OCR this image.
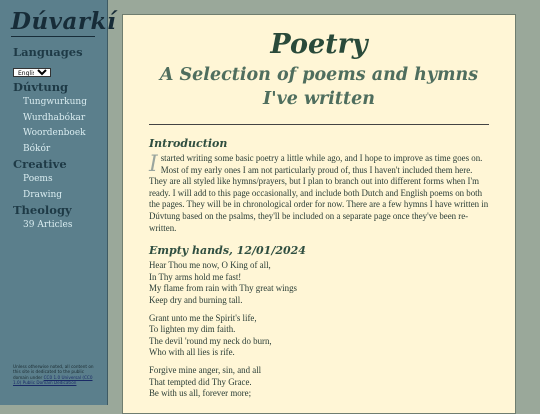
Dúvarkí
Languages
English
Dúvtung
Tungwurkung
Wurdhabókar
Woordenboek
Bókór
Creative
Poems
Drawing
Theology
39 Articles
Unless otherwise noted, all content on this site is dedicated to the public domain under CC0 1.0 Universal (CC0 1.0) Public Domain Dedication
Poetry
A Selection of poems and hymns I've written
Introduction

Istarted writing some basic poetry a little while ago, and I hope to improve as time goes on. Most of my early ones I am not particularly proud of, thus I haven't included them here. They are all styled like hymns/prayers, but I plan to branch out into different forms when I'm ready. I will add to this page occasionally, and include both Dutch and English poems on both the pages. They will be in chronological order for now. There are a few hymns I have written in Dúvtung based on the psalms, they'll be included on a separate page once they've been re-written.

Empty hands, 12/01/2024

Hear Thou me now, O King of all,
In Thy arms hold me fast!
My flame from rain with Thy great wings
Keep dry and burning tall.

Grant unto me the Spirit's life,
To lighten my dim faith.
The devil 'round my neck do burn,
Who with all lies is rife.

Forgive mine anger, sin, and all
That tempted did Thy Grace.
Be with us all, forever more;
